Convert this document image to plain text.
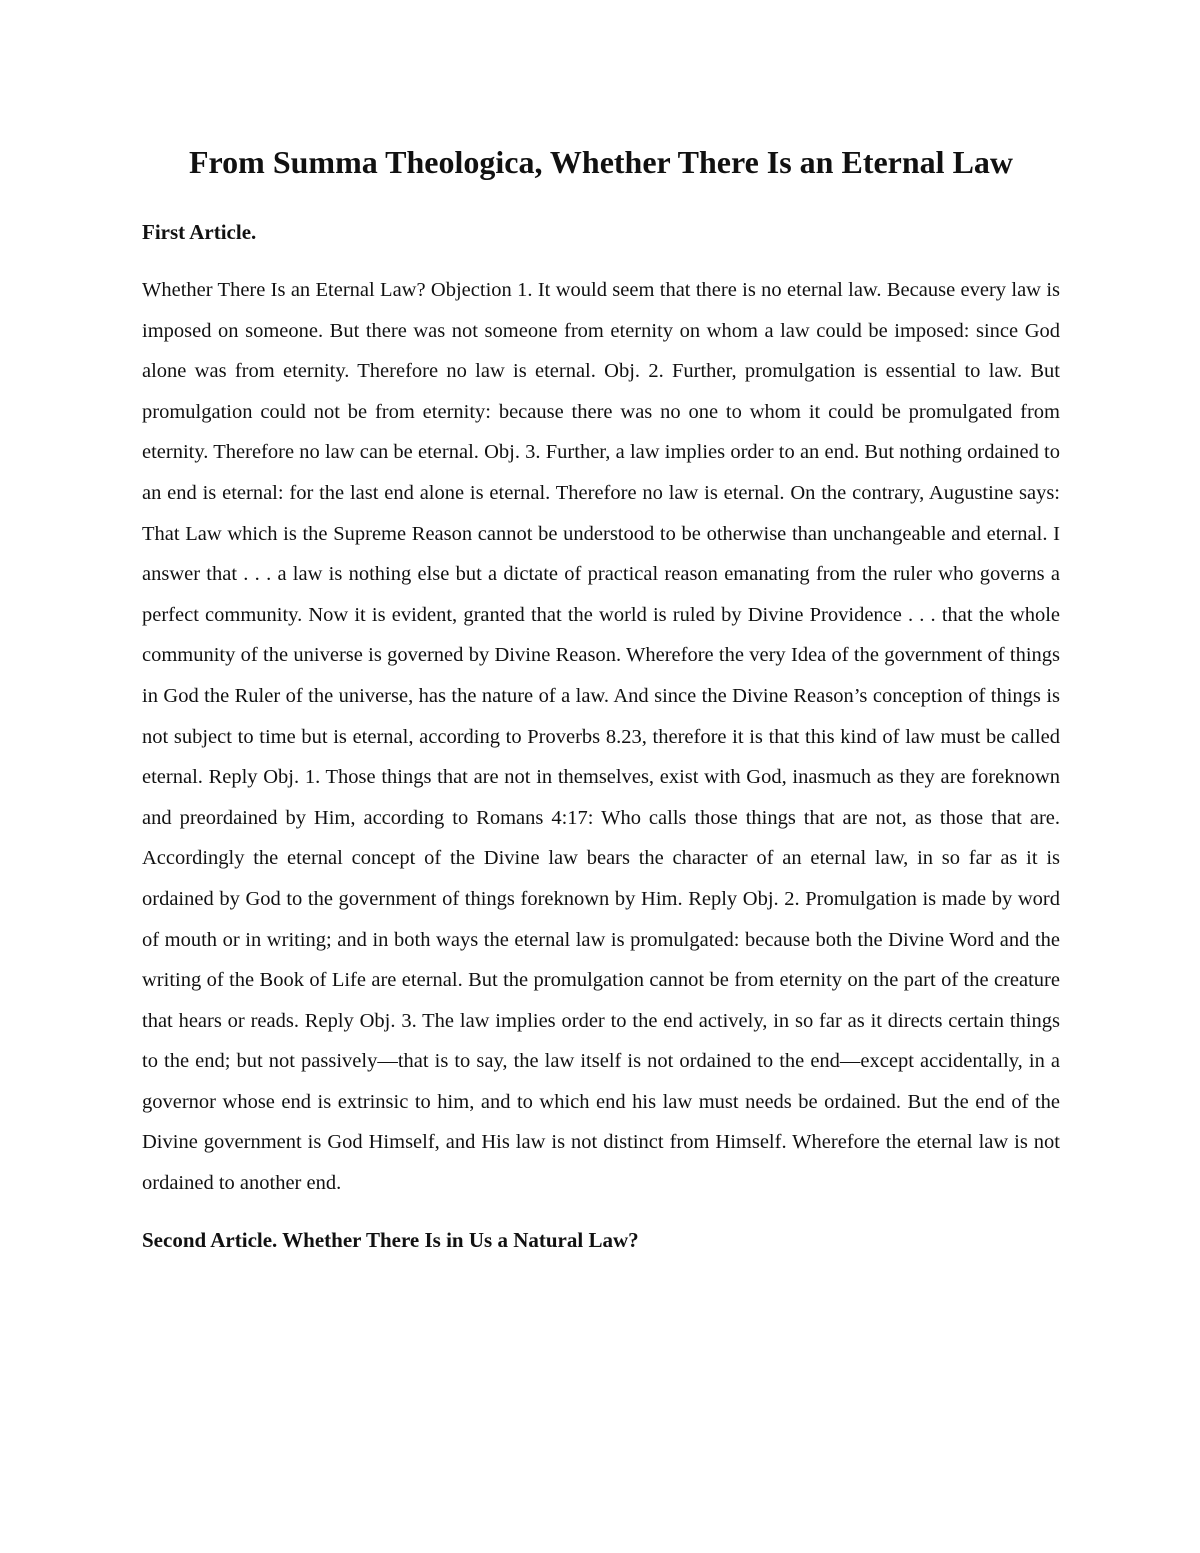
From Summa Theologica, Whether There Is an Eternal Law
First Article.

Whether There Is an Eternal Law? Objection 1. It would seem that there is no eternal law. Because every law is imposed on someone. But there was not someone from eternity on whom a law could be imposed: since God alone was from eternity. Therefore no law is eternal. Obj. 2. Further, promulgation is essential to law. But promulgation could not be from eternity: because there was no one to whom it could be promulgated from eternity. Therefore no law can be eternal. Obj. 3. Further, a law implies order to an end. But nothing ordained to an end is eternal: for the last end alone is eternal. Therefore no law is eternal. On the contrary, Augustine says: That Law which is the Supreme Reason cannot be understood to be otherwise than unchangeable and eternal. I answer that . . . a law is nothing else but a dictate of practical reason emanating from the ruler who governs a perfect community. Now it is evident, granted that the world is ruled by Divine Providence . . . that the whole community of the universe is governed by Divine Reason. Wherefore the very Idea of the government of things in God the Ruler of the universe, has the nature of a law. And since the Divine Reason’s conception of things is not subject to time but is eternal, according to Proverbs 8.23, therefore it is that this kind of law must be called eternal. Reply Obj. 1. Those things that are not in themselves, exist with God, inasmuch as they are foreknown and preordained by Him, according to Romans 4:17: Who calls those things that are not, as those that are. Accordingly the eternal concept of the Divine law bears the character of an eternal law, in so far as it is ordained by God to the government of things foreknown by Him. Reply Obj. 2. Promulgation is made by word of mouth or in writing; and in both ways the eternal law is promulgated: because both the Divine Word and the writing of the Book of Life are eternal. But the promulgation cannot be from eternity on the part of the creature that hears or reads. Reply Obj. 3. The law implies order to the end actively, in so far as it directs certain things to the end; but not passively—that is to say, the law itself is not ordained to the end—except accidentally, in a governor whose end is extrinsic to him, and to which end his law must needs be ordained. But the end of the Divine government is God Himself, and His law is not distinct from Himself. Wherefore the eternal law is not ordained to another end.

Second Article. Whether There Is in Us a Natural Law?
